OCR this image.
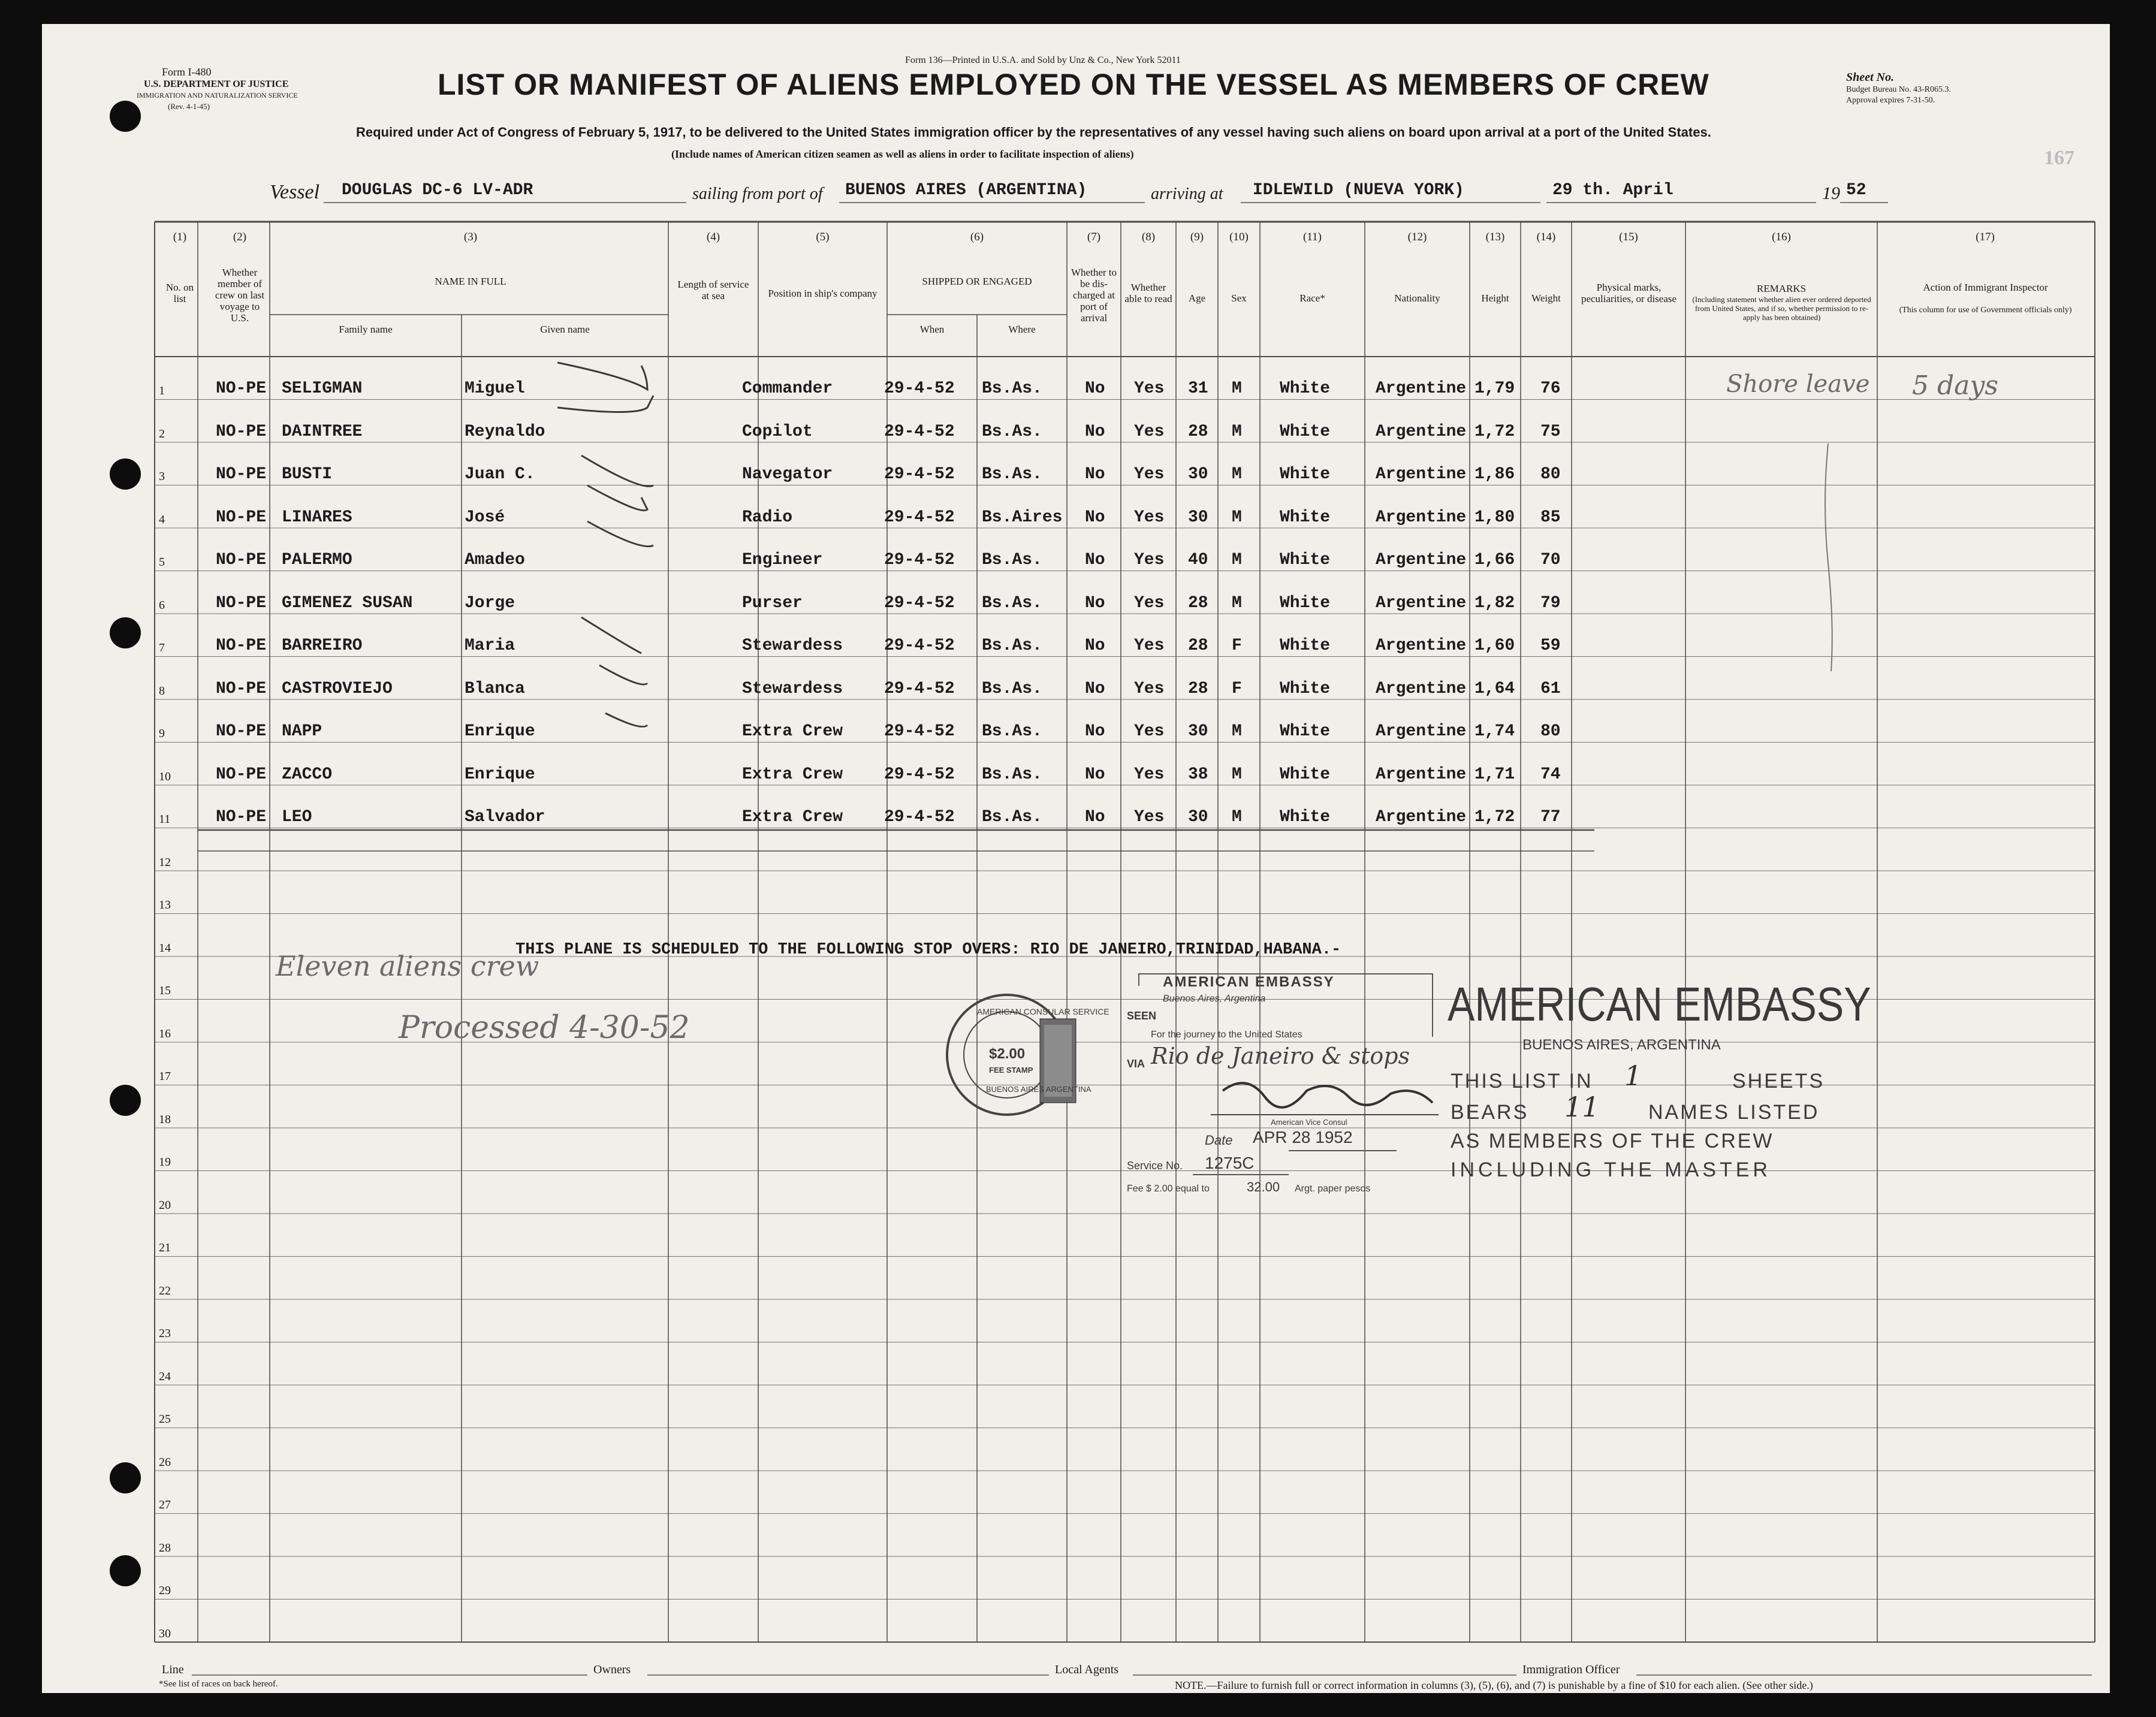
Form I-480
U.S. DEPARTMENT OF JUSTICE
IMMIGRATION AND NATURALIZATION SERVICE
(Rev. 4-1-45)
Form 136—Printed in U.S.A. and Sold by Unz & Co., New York 52011
LIST OR MANIFEST OF ALIENS EMPLOYED ON THE VESSEL AS MEMBERS OF CREW
Required under Act of Congress of February 5, 1917, to be delivered to the United States immigration officer by the representatives of any vessel having such aliens on board upon arrival at a port of the United States.
(Include names of American citizen seamen as well as aliens in order to facilitate inspection of aliens)
Sheet No.
Budget Bureau No. 43-R065.3.
Approval expires 7-31-50.
167
Vessel DOUGLAS DC-6 LV-ADR	sailing from port of BUENOS AIRES (ARGENTINA)	arriving at IDLEWILD (NUEVA YORK)	29 th. April	19 52
(1)	(2)	(3)	(4)	(5)	(6)	(7)	(8)	(9)	(10)	(11)	(12)	(13)	(14)	(15)	(16)	(17)
No. on list
Whether member of crew on last voyage to U.S.
NAME IN FULL
Family name	Given name
Length of service at sea	Position in ship's company
SHIPPED OR ENGAGED
When	Where
Whether to be dis-charged at port of arrival
Whether able to read	Age	Sex	Race*	Nationality	Height	Weight
Physical marks, peculiarities, or disease
REMARKS
(Including statement whether alien ever ordered deported from United States, and if so, whether permission to re-apply has been obtained)
Action of Immigrant Inspector
(This column for use of Government officials only)
1	NO-PE SELIGMAN	Miguel	Commander	29-4-52 Bs.As.	No Yes 31 M White	Argentine 1,79 76
2	NO-PE DAINTREE	Reynaldo	Copilot	29-4-52 Bs.As.	No Yes 28 M White	Argentine 1,72 75
3	NO-PE BUSTI	Juan C.	Navegator	29-4-52 Bs.As.	No Yes 30 M White	Argentine 1,86 80
4	NO-PE LINARES	José	Radio	29-4-52 Bs.Aires No Yes 30 M White	Argentine 1,80 85
5	NO-PE PALERMO	Amadeo	Engineer	29-4-52 Bs.As.	No Yes 40 M White	Argentine 1,66 70
6	NO-PE GIMENEZ SUSAN	Jorge	Purser	29-4-52 Bs.As.	No Yes 28 M White	Argentine 1,82 79
7	NO-PE BARREIRO	Maria	Stewardess 29-4-52 Bs.As.	No Yes 28 F White	Argentine 1,60 59
8	NO-PE CASTROVIEJO	Blanca	Stewardess 29-4-52 Bs.As.	No Yes 28 F White	Argentine 1,64 61
9	NO-PE NAPP	Enrique	Extra Crew 29-4-52 Bs.As.	No Yes 30 M White	Argentine 1,74 80
10	NO-PE ZACCO	Enrique	Extra Crew 29-4-52 Bs.As.	No Yes 38 M White	Argentine 1,71 74
11	NO-PE LEO	Salvador	Extra Crew 29-4-52 Bs.As.	No Yes 30 M White	Argentine 1,72 77
12
13
14
15
16
17
18
19
20
21
22
23
24
25
26
27
28
29
30
Shore leave 5 days
Eleven aliens crew
Processed 4-30-52
THIS PLANE IS SCHEDULED TO THE FOLLOWING STOP OVERS: RIO DE JANEIRO,TRINIDAD,HABANA.-
AMERICAN CONSULAR SERVICE
BUENOS AIRES ARGENTINA
$2.00
FEE STAMP
AMERICAN EMBASSY
Buenos Aires, Argentina
SEEN
For the journey to the United States
VIA Rio de Janeiro & stops
American Vice Consul
Date APR 28 1952
Service No. 1275C
Fee $ 2.00 equal to	32.00 Argt. paper pesos
AMERICAN EMBASSY
BUENOS AIRES, ARGENTINA
THIS LIST IN 1	SHEETS
BEARS 11 NAMES LISTED
AS MEMBERS OF THE CREW
INCLUDING THE MASTER
Line	Owners	Local Agents	Immigration Officer
*See list of races on back hereof.	NOTE.—Failure to furnish full or correct information in columns (3), (5), (6), and (7) is punishable by a fine of $10 for each alien. (See other side.)
